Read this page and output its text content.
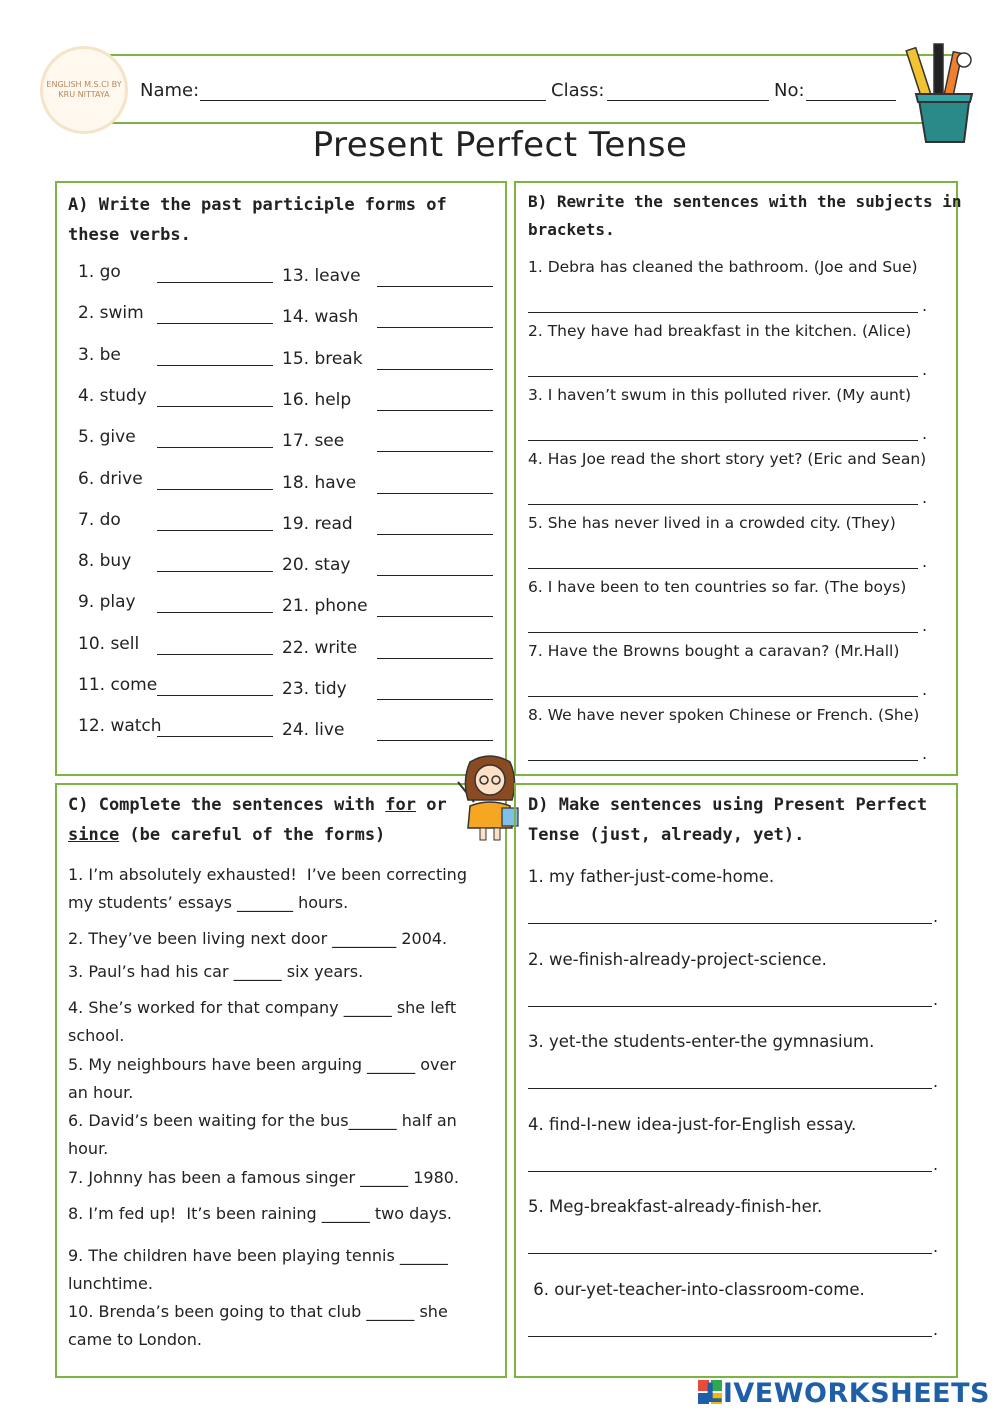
ENGLISH M.S.CI BY KRU NITTAYA	Name:	Class:	No:
Present Perfect Tense
A) Write the past participle forms of
these verbs.
1. go
2. swim
3. be
4. study
5. give
6. drive
7. do
8. buy
9. play
10. sell
11. come
12. watch
13. leave
14. wash
15. break
16. help
17. see
18. have
19. read
20. stay
21. phone
22. write
23. tidy
24. live
B) Rewrite the sentences with the subjects in
brackets.
1. Debra has cleaned the bathroom. (Joe and Sue)
.
2. They have had breakfast in the kitchen. (Alice)
.
3. I haven’t swum in this polluted river. (My aunt)
.
4. Has Joe read the short story yet? (Eric and Sean)
.
5. She has never lived in a crowded city. (They)
.
6. I have been to ten countries so far. (The boys)
.
7. Have the Browns bought a caravan? (Mr.Hall)
.
8. We have never spoken Chinese or French. (She)
.
C) Complete the sentences with for or
since (be careful of the forms)
1. I’m absolutely exhausted!  I’ve been correcting
my students’ essays _______ hours.
2. They’ve been living next door ________ 2004.
3. Paul’s had his car ______ six years.
4. She’s worked for that company ______ she left
school.
5. My neighbours have been arguing ______ over
an hour.
6. David’s been waiting for the bus______ half an
hour.
7. Johnny has been a famous singer ______ 1980.
8. I’m fed up!  It’s been raining ______ two days.
9. The children have been playing tennis ______
lunchtime.
10. Brenda’s been going to that club ______ she
came to London.
D) Make sentences using Present Perfect
Tense (just, already, yet).
1. my father-just-come-home.
.
2. we-finish-already-project-science.
.
3. yet-the students-enter-the gymnasium.
.
4. find-I-new idea-just-for-English essay.
.
5. Meg-breakfast-already-finish-her.
.
6. our-yet-teacher-into-classroom-come.
.
LIVEWORKSHEETS
